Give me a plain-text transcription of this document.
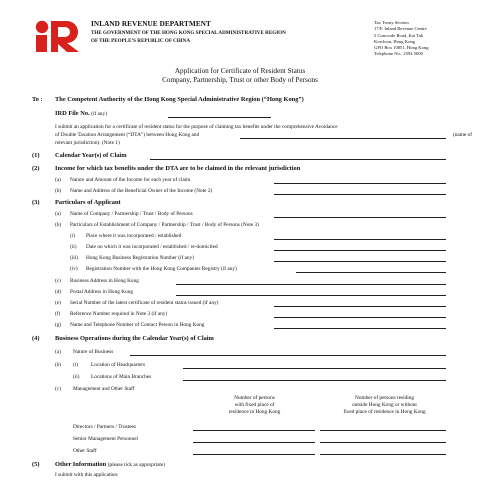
INLAND REVENUE DEPARTMENT
THE GOVERNMENT OF THE HONG KONG SPECIAL ADMINISTRATIVE REGION
OF THE PEOPLE’S REPUBLIC OF CHINA
Tax Treaty Section
17/F, Inland Revenue Centre
5 Concorde Road, Kai Tak
Kowloon, Hong Kong
GPO Box 10851, Hong Kong
Telephone No.: 2594 5000
Application for Certificate of Resident Status
Company, Partnership, Trust or other Body of Persons
To : The Competent Authority of the Hong Kong Special Administrative Region (“Hong Kong”)
IRD File No. (if any)
I submit an application for a certificate of resident status for the purpose of claiming tax benefits under the comprehensive Avoidance
of Double Taxation Arrangement (“DTA”) between Hong Kong and	(name of
relevant jurisdiction). (Note 1)
(1) Calendar Year(s) of Claim
(2) Income for which tax benefits under the DTA are to be claimed in the relevant jurisdiction
(a) Nature and Amount of the Income for each year of claim
(b) Name and Address of the Beneficial Owner of the Income (Note 2)
(3) Particulars of Applicant
(a) Name of Company / Partnership / Trust / Body of Persons
(b) Particulars of Establishment of Company / Partnership / Trust / Body of Persons (Note 3)
(i) Place where it was incorporated / established
(ii) Date on which it was incorporated / established / re-domiciled
(iii) Hong Kong Business Registration Number (if any)
(iv) Registration Number with the Hong Kong Companies Registry (if any)
(c) Business Address in Hong Kong
(d) Postal Address in Hong Kong
(e) Serial Number of the latest certificate of resident status issued (if any)
(f) Reference Number required in Note 3 (if any)
(g) Name and Telephone Number of Contact Person in Hong Kong
(4) Business Operations during the Calendar Year(s) of Claim
(a) Nature of Business
(b) (i) Location of Headquarters
(ii) Locations of Main Branches
(c) Management and Other Staff
Number of persons
with fixed place of
residence in Hong Kong
Number of persons residing
outside Hong Kong or without
fixed place of residence in Hong Kong
Directors / Partners / Trustees
Senior Management Personnel
Other Staff
(5) Other Information (please tick as appropriate)
I submit with this application:
